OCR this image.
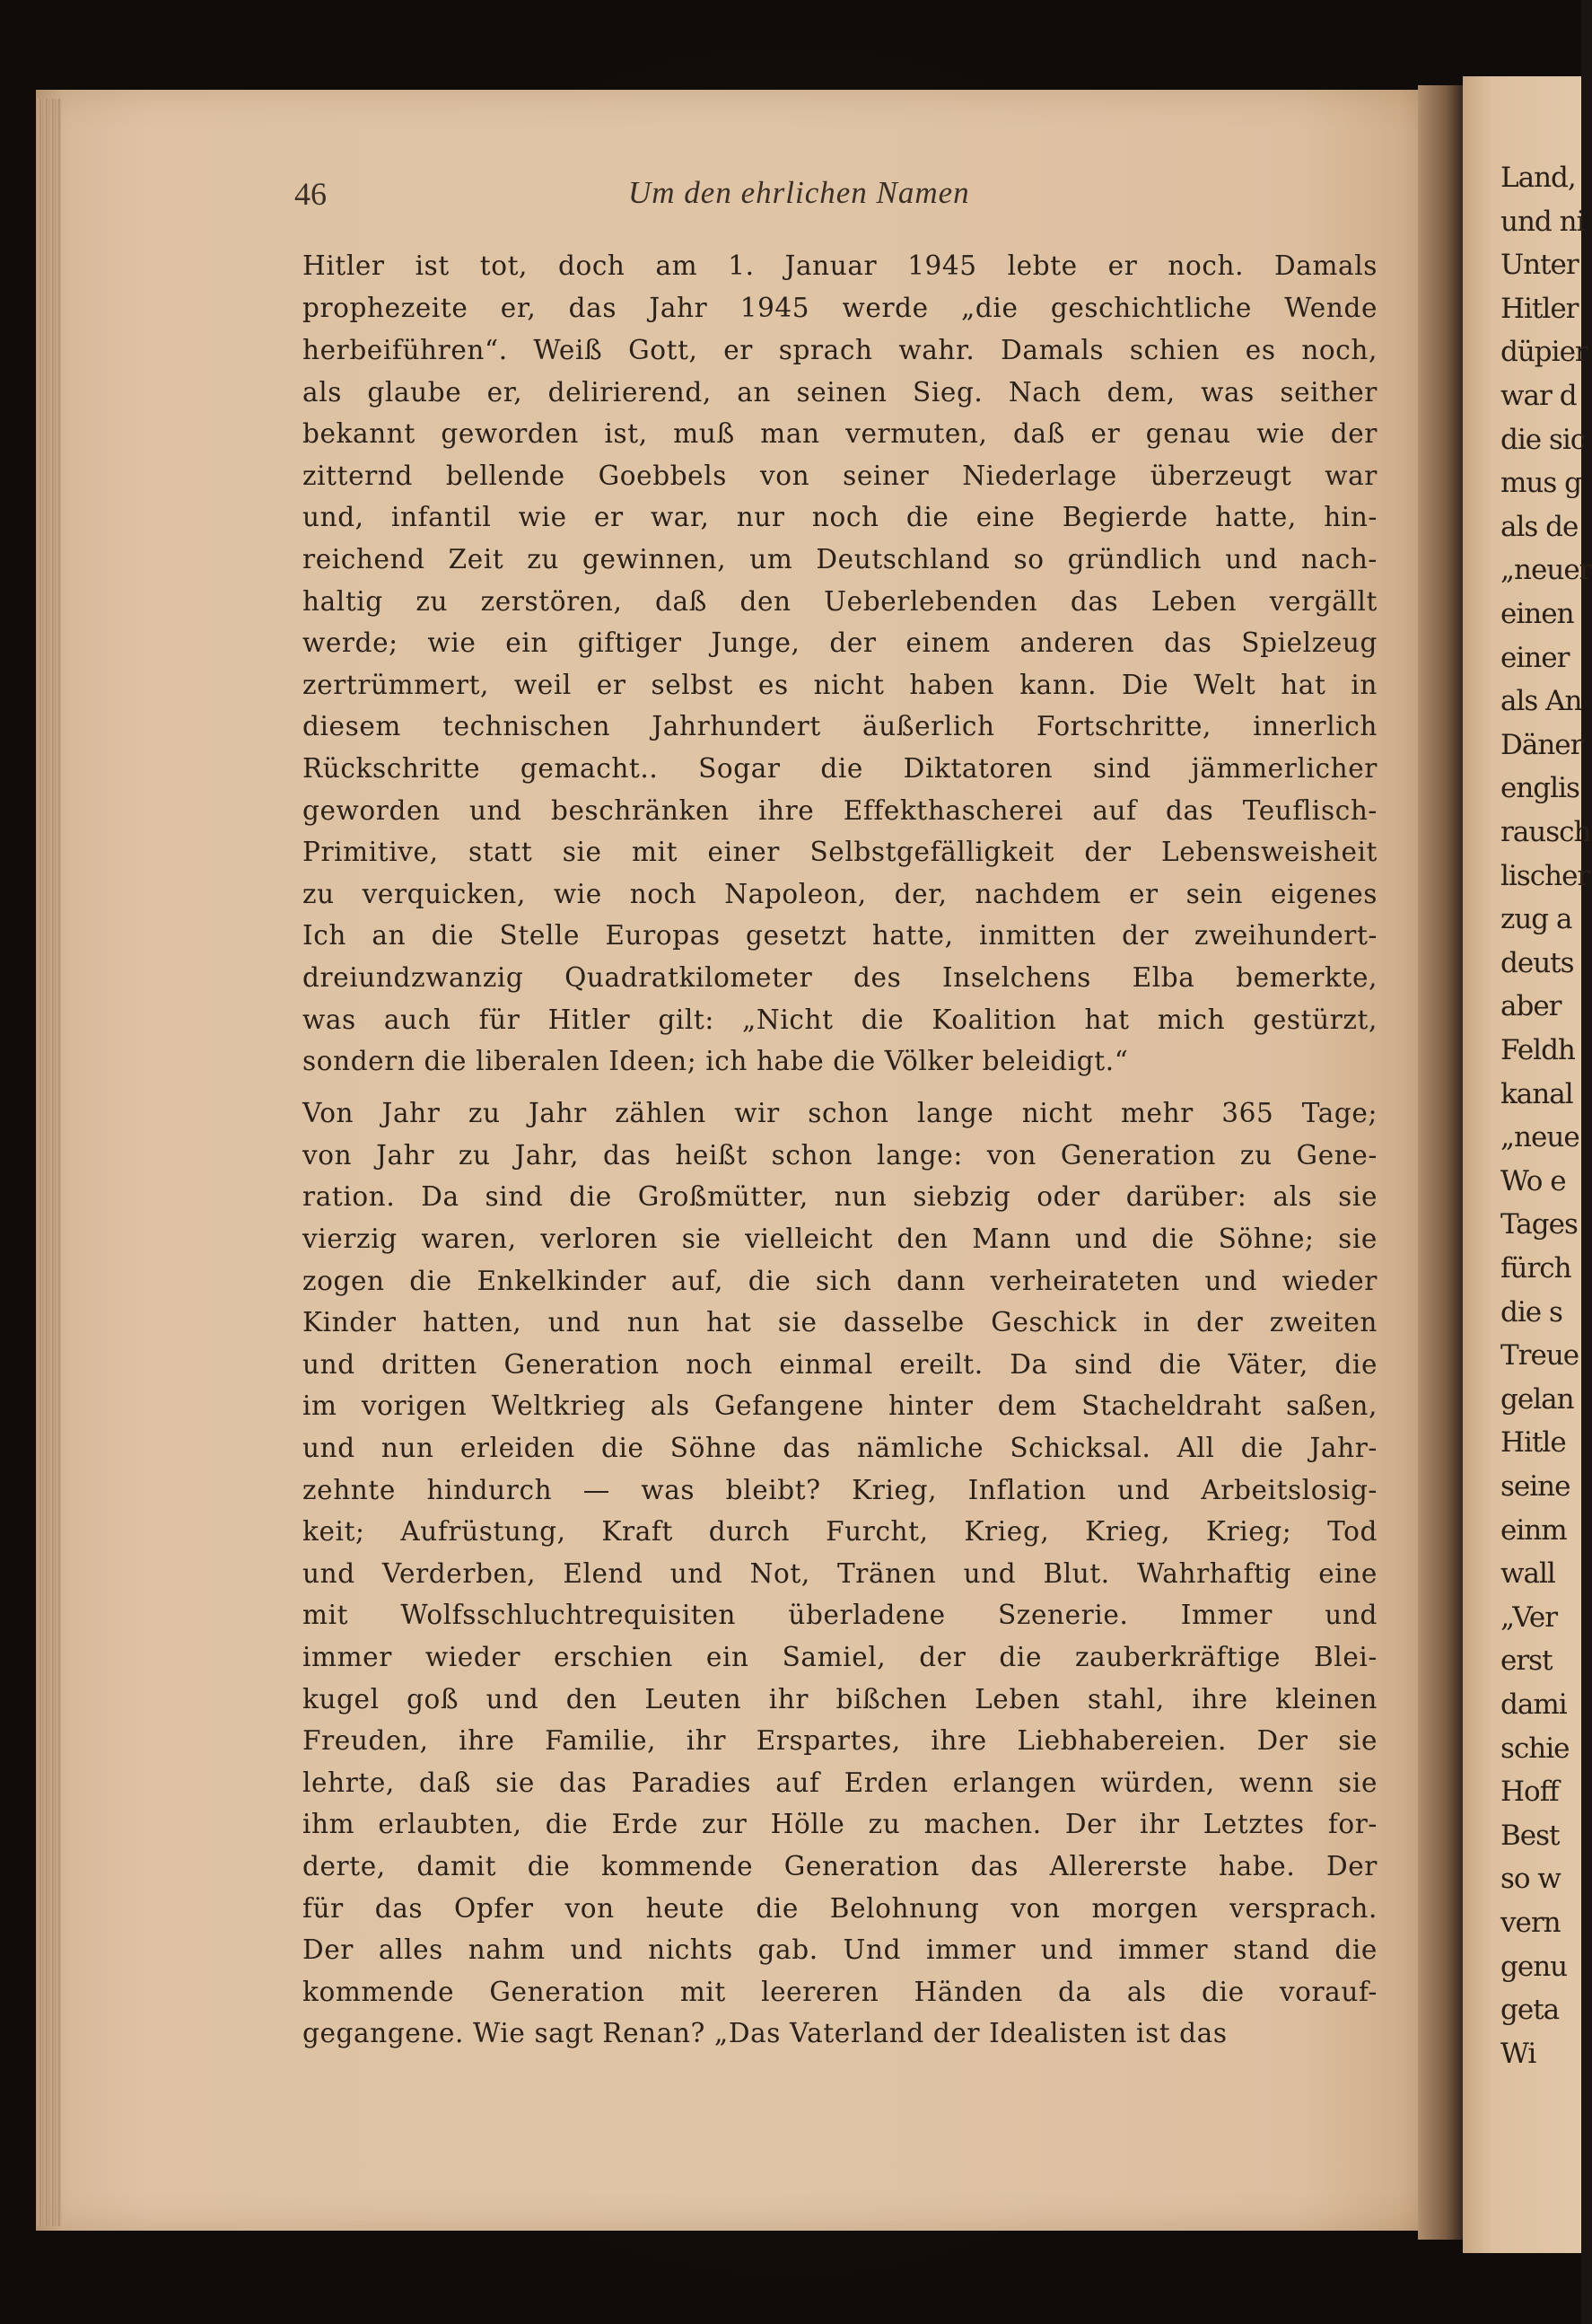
Land,
und ni
Unter
Hitler
düpier
war d
die sic
mus g
als de
„neuer
einen
einer
als An
Däner
englis
rausch
lischer
zug a
deuts
aber
Feldh
kanal
„neue
Wo e
Tages
fürch
die s
Treue
gelan
Hitle
seine
einm
wall
„Ver
erst
dami
schie
Hoff
Best
so w
vern
genu
geta
Wi
46	Um den ehrlichen Namen
Hitler ist tot, doch am 1. Januar 1945 lebte er noch. Damals
prophezeite er, das Jahr 1945 werde „die geschichtliche Wende
herbeiführen“. Weiß Gott, er sprach wahr. Damals schien es noch,
als glaube er, delirierend, an seinen Sieg. Nach dem, was seither
bekannt geworden ist, muß man vermuten, daß er genau wie der
zitternd bellende Goebbels von seiner Niederlage überzeugt war
und, infantil wie er war, nur noch die eine Begierde hatte, hin-
reichend Zeit zu gewinnen, um Deutschland so gründlich und nach-
haltig zu zerstören, daß den Ueberlebenden das Leben vergällt
werde; wie ein giftiger Junge, der einem anderen das Spielzeug
zertrümmert, weil er selbst es nicht haben kann. Die Welt hat in
diesem technischen Jahrhundert äußerlich Fortschritte, innerlich
Rückschritte gemacht.. Sogar die Diktatoren sind jämmerlicher
geworden und beschränken ihre Effekthascherei auf das Teuflisch-
Primitive, statt sie mit einer Selbstgefälligkeit der Lebensweisheit
zu verquicken, wie noch Napoleon, der, nachdem er sein eigenes
Ich an die Stelle Europas gesetzt hatte, inmitten der zweihundert-
dreiundzwanzig Quadratkilometer des Inselchens Elba bemerkte,
was auch für Hitler gilt: „Nicht die Koalition hat mich gestürzt,
sondern die liberalen Ideen; ich habe die Völker beleidigt.“
Von Jahr zu Jahr zählen wir schon lange nicht mehr 365 Tage;
von Jahr zu Jahr, das heißt schon lange: von Generation zu Gene-
ration. Da sind die Großmütter, nun siebzig oder darüber: als sie
vierzig waren, verloren sie vielleicht den Mann und die Söhne; sie
zogen die Enkelkinder auf, die sich dann verheirateten und wieder
Kinder hatten, und nun hat sie dasselbe Geschick in der zweiten
und dritten Generation noch einmal ereilt. Da sind die Väter, die
im vorigen Weltkrieg als Gefangene hinter dem Stacheldraht saßen,
und nun erleiden die Söhne das nämliche Schicksal. All die Jahr-
zehnte hindurch — was bleibt? Krieg, Inflation und Arbeitslosig-
keit; Aufrüstung, Kraft durch Furcht, Krieg, Krieg, Krieg; Tod
und Verderben, Elend und Not, Tränen und Blut. Wahrhaftig eine
mit Wolfsschluchtrequisiten überladene Szenerie. Immer und
immer wieder erschien ein Samiel, der die zauberkräftige Blei-
kugel goß und den Leuten ihr bißchen Leben stahl, ihre kleinen
Freuden, ihre Familie, ihr Erspartes, ihre Liebhabereien. Der sie
lehrte, daß sie das Paradies auf Erden erlangen würden, wenn sie
ihm erlaubten, die Erde zur Hölle zu machen. Der ihr Letztes for-
derte, damit die kommende Generation das Allererste habe. Der
für das Opfer von heute die Belohnung von morgen versprach.
Der alles nahm und nichts gab. Und immer und immer stand die
kommende Generation mit leereren Händen da als die vorauf-
gegangene. Wie sagt Renan? „Das Vaterland der Idealisten ist das
